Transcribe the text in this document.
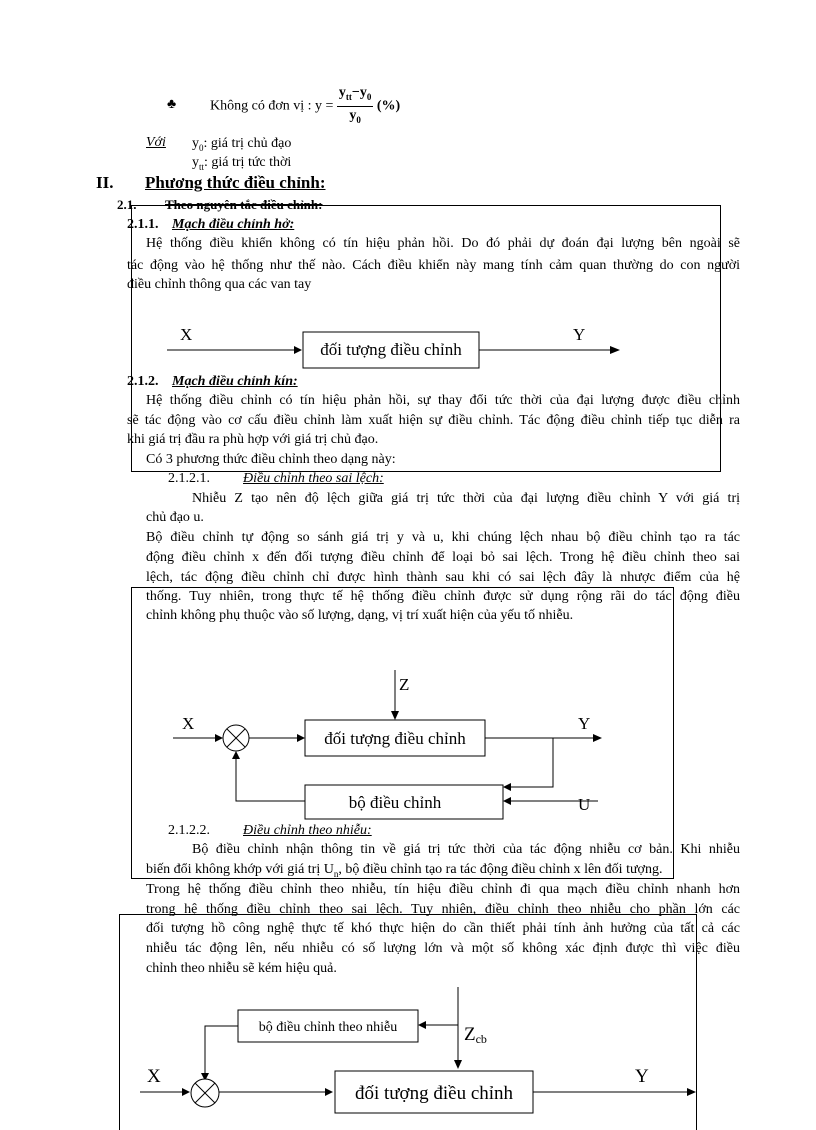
♣ Không có đơn vị : $y = \frac{y_{tt}-y_0}{y_0}$ (%)
Với $y_0$: giá trị chủ đạo
$y_{tt}$: giá trị tức thời
II. Phương thức điều chỉnh:
2.1. Theo nguyên tắc điều chỉnh:
2.1.1. Mạch điều chỉnh hở:
Hệ thống điều khiển không có tín hiệu phản hồi. Do đó phải dự đoán đại lượng bên ngoài sẽ
tác động vào hệ thống như thế nào. Cách điều khiển này mang tính cảm quan thường do con người
điều chỉnh thông qua các van tay
X
đối tượng điều chỉnh
Y
2.1.2. Mạch điều chỉnh kín:
Hệ thống điều chỉnh có tín hiệu phản hồi, sự thay đổi tức thời của đại lượng được điều chỉnh
sẽ tác động vào cơ cấu điều chỉnh làm xuất hiện sự điều chỉnh. Tác động điều chỉnh tiếp tục diễn ra
khi giá trị đầu ra phù hợp với giá trị chủ đạo.
Có 3 phương thức điều chỉnh theo dạng này:
2.1.2.1. Điều chỉnh theo sai lệch:
Nhiễu Z tạo nên độ lệch giữa giá trị tức thời của đại lượng điều chỉnh Y với giá trị
chủ đạo u.
Bộ điều chỉnh tự động so sánh giá trị y và u, khi chúng lệch nhau bộ điều chỉnh tạo ra tác
động điều chỉnh x đến đối tượng điều chỉnh để loại bỏ sai lệch. Trong hệ điều chỉnh theo sai
lệch, tác động điều chỉnh chỉ được hình thành sau khi có sai lệch đây là nhược điểm của hệ
thống. Tuy nhiên, trong thực tế hệ thống điều chỉnh được sử dụng rộng rãi do tác động điều
chỉnh không phụ thuộc vào số lượng, dạng, vị trí xuất hiện của yếu tố nhiễu.
Z
X
đối tượng điều chỉnh
Y
bộ điều chỉnh	U
2.1.2.2. Điều chỉnh theo nhiễu:
Bộ điều chỉnh nhận thông tin về giá trị tức thời của tác động nhiễu cơ bản. Khi nhiễu
biến đổi không khớp với giá trị $U_n$, bộ điều chỉnh tạo ra tác động điều chỉnh x lên đối tượng.
Trong hệ thống điều chỉnh theo nhiễu, tín hiệu điều chỉnh đi qua mạch điều chỉnh nhanh hơn
trong hệ thống điều chỉnh theo sai lệch. Tuy nhiên, điều chỉnh theo nhiễu cho phần lớn các
đối tượng hồ công nghệ thực tế khó thực hiện do cần thiết phải tính ảnh hưởng của tất cả các
nhiễu tác động lên, nếu nhiễu có số lượng lớn và một số không xác định được thì việc điều
chỉnh theo nhiễu sẽ kém hiệu quả.
bộ điều chỉnh theo nhiễu	Zcb
X
đối tượng điều chỉnh
Y
